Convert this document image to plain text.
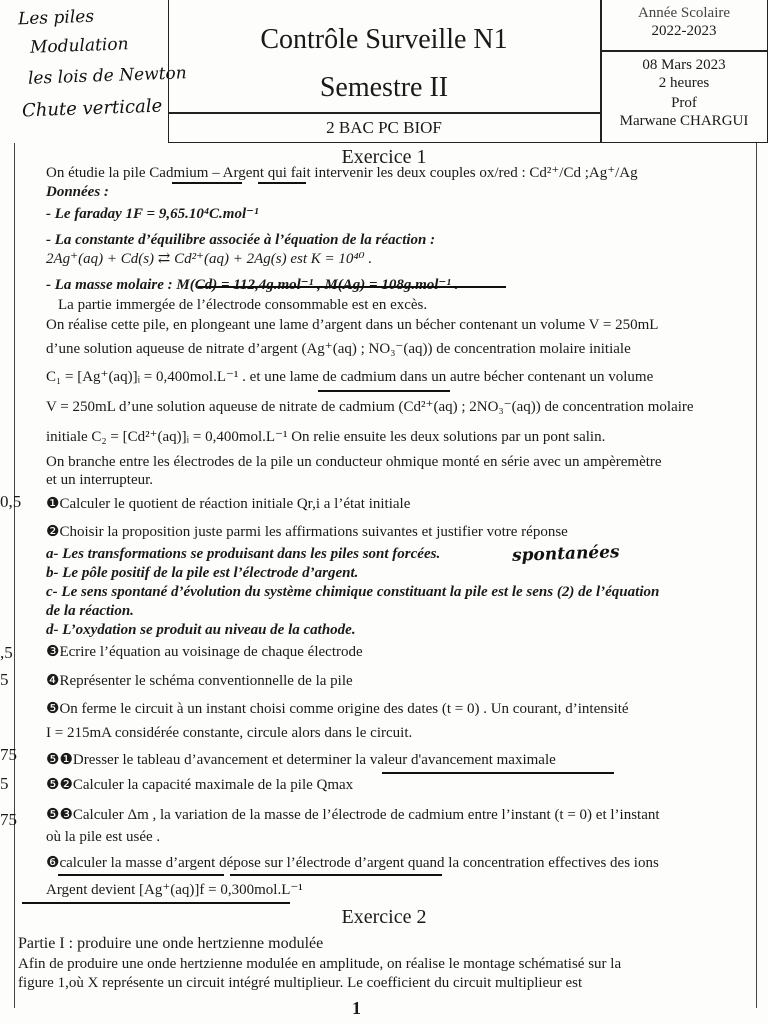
Les piles
Modulation
les lois de Newton
Chute verticale
Contrôle Surveille N1
Semestre II
2 BAC PC BIOF
Année Scolaire
2022-2023
08 Mars 2023
2 heures
Prof
Marwane CHARGUI
Exercice 1
On étudie la pile Cadmium – Argent qui fait intervenir les deux couples ox/red : Cd²⁺/Cd ;Ag⁺/Ag
Données :
- Le faraday 1F = 9,65.10⁴C.mol⁻¹
- La constante d’équilibre associée à l’équation de la réaction :
2Ag⁺(aq) + Cd(s) ⇄ Cd²⁺(aq) + 2Ag(s) est K = 10⁴⁰ .
- La masse molaire : M(Cd) = 112,4g.mol⁻¹ , M(Ag) = 108g.mol⁻¹ .
La partie immergée de l’électrode consommable est en excès.
On réalise cette pile, en plongeant une lame d’argent dans un bécher contenant un volume V = 250mL
d’une solution aqueuse de nitrate d’argent (Ag⁺(aq) ; NO₃⁻(aq)) de concentration molaire initiale
C₁ = [Ag⁺(aq)]ᵢ = 0,400mol.L⁻¹ . et une lame de cadmium dans un autre bécher contenant un volume
V = 250mL d’une solution aqueuse de nitrate de cadmium (Cd²⁺(aq) ; 2NO₃⁻(aq)) de concentration molaire
initiale C₂ = [Cd²⁺(aq)]ᵢ = 0,400mol.L⁻¹ On relie ensuite les deux solutions par un pont salin.
On branche entre les électrodes de la pile un conducteur ohmique monté en série avec un ampèremètre
et un interrupteur.
0,5 ❶Calculer le quotient de réaction initiale Qr,i a l’état initiale
❷Choisir la proposition juste parmi les affirmations suivantes et justifier votre réponse
a- Les transformations se produisant dans les piles sont forcées.	spontanées
b- Le pôle positif de la pile est l’électrode d’argent.
c- Le sens spontané d’évolution du système chimique constituant la pile est le sens (2) de l’équation
de la réaction.
d- L’oxydation se produit au niveau de la cathode.
,5 ❸Ecrire l’équation au voisinage de chaque électrode
5	❹Représenter le schéma conventionnelle de la pile
❺On ferme le circuit à un instant choisi comme origine des dates (t = 0) . Un courant, d’intensité
I = 215mA considérée constante, circule alors dans le circuit.
75 ❺❶Dresser le tableau d’avancement et determiner la valeur d'avancement maximale
5	❺❷Calculer la capacité maximale de la pile Qmax
75 ❺❸Calculer Δm , la variation de la masse de l’électrode de cadmium entre l’instant (t = 0) et l’instant
où la pile est usée .
❻calculer la masse d’argent dépose sur l’électrode d’argent quand la concentration effectives des ions
Argent devient [Ag⁺(aq)]f = 0,300mol.L⁻¹
Exercice 2
Partie I : produire une onde hertzienne modulée
Afin de produire une onde hertzienne modulée en amplitude, on réalise le montage schématisé sur la
figure 1,où X représente un circuit intégré multiplieur. Le coefficient du circuit multiplieur est
1
